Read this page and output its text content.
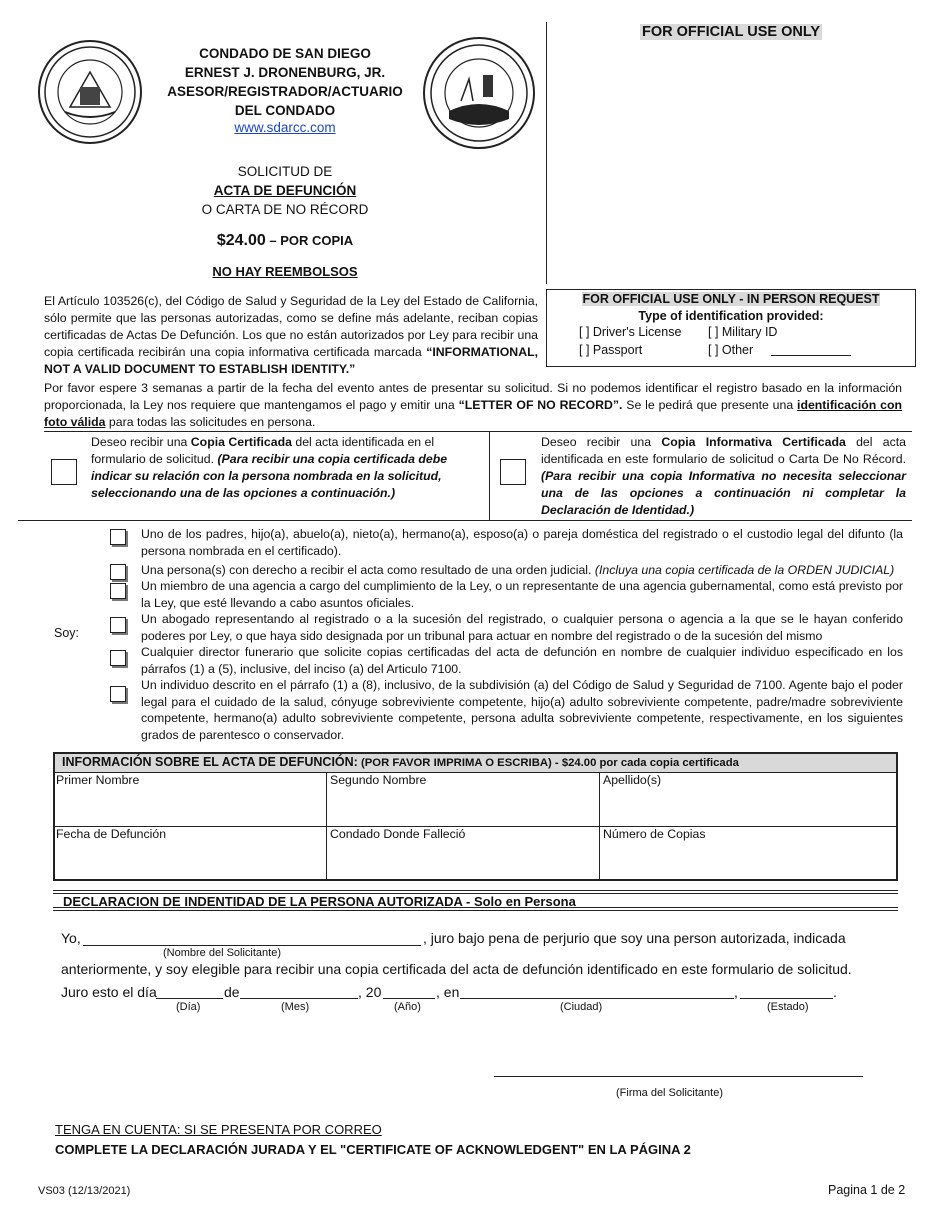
CONDADO DE SAN DIEGO
ERNEST J. DRONENBURG, JR.
ASESOR/REGISTRADOR/ACTUARIO
DEL CONDADO
www.sdarcc.com
SOLICITUD DE
ACTA DE DEFUNCIÓN
O CARTA DE NO RÉCORD
$24.00 – POR COPIA
NO HAY REEMBOLSOS
FOR OFFICIAL USE ONLY
FOR OFFICIAL USE ONLY - IN PERSON REQUEST
Type of identification provided:
[ ] Driver's License [ ] Military ID
[ ] Passport	[ ] Other
El Artículo 103526(c), del Código de Salud y Seguridad de la Ley del Estado de California, sólo permite que las personas autorizadas, como se define más adelante, reciban copias certificadas de Actas De Defunción. Los que no están autorizados por Ley para recibir una copia certificada recibirán una copia informativa certificada marcada “INFORMATIONAL, NOT A VALID DOCUMENT TO ESTABLISH IDENTITY.”
Por favor espere 3 semanas a partir de la fecha del evento antes de presentar su solicitud. Si no podemos identificar el registro basado en la información proporcionada, la Ley nos requiere que mantengamos el pago y emitir una “LETTER OF NO RECORD”. Se le pedirá que presente una identificación con foto válida para todas las solicitudes en persona.
Deseo recibir una Copia Certificada del acta identificada en el formulario de solicitud. (Para recibir una copia certificada debe indicar su relación con la persona nombrada en la solicitud, seleccionando una de las opciones a continuación.)
Deseo recibir una Copia Informativa Certificada del acta identificada en este formulario de solicitud o Carta De No Récord. (Para recibir una copia Informativa no necesita seleccionar una de las opciones a continuación ni completar la Declaración de Identidad.)
Soy:
Uno de los padres, hijo(a), abuelo(a), nieto(a), hermano(a), esposo(a) o pareja doméstica del registrado o el custodio legal del difunto (la persona nombrada en el certificado).
Una persona(s) con derecho a recibir el acta como resultado de una orden judicial. (Incluya una copia certificada de la ORDEN JUDICIAL)
Un miembro de una agencia a cargo del cumplimiento de la Ley, o un representante de una agencia gubernamental, como está previsto por la Ley, que esté llevando a cabo asuntos oficiales.
Un abogado representando al registrado o a la sucesión del registrado, o cualquier persona o agencia a la que se le hayan conferido poderes por Ley, o que haya sido designada por un tribunal para actuar en nombre del registrado o de la sucesión del mismo
Cualquier director funerario que solicite copias certificadas del acta de defunción en nombre de cualquier individuo especificado en los párrafos (1) a (5), inclusive, del inciso (a) del Articulo 7100.
Un individuo descrito en el párrafo (1) a (8), inclusivo, de la subdivisión (a) del Código de Salud y Seguridad de 7100. Agente bajo el poder legal para el cuidado de la salud, cónyuge sobreviviente competente, hijo(a) adulto sobreviviente competente, padre/madre sobreviviente competente, hermano(a) adulto sobreviviente competente, persona adulta sobreviviente competente, respectivamente, en los siguientes grados de parentesco o conservador.
INFORMACIÓN SOBRE EL ACTA DE DEFUNCIÓN: (POR FAVOR IMPRIMA O ESCRIBA) - $24.00 por cada copia certificada
Primer Nombre	Segundo Nombre	Apellido(s)
Fecha de Defunción	Condado Donde Falleció	Número de Copias
DECLARACION DE INDENTIDAD DE LA PERSONA AUTORIZADA - Solo en Persona
Yo,	, juro bajo pena de perjurio que soy una person autorizada, indicada
(Nombre del Solicitante)
anteriormente, y soy elegible para recibir una copia certificada del acta de defunción identificado en este formulario de solicitud.
Juro esto el día	de	, 20	, en	,	.
(Día)	(Mes)	(Año)	(Ciudad)	(Estado)
(Firma del Solicitante)
TENGA EN CUENTA: SI SE PRESENTA POR CORREO
COMPLETE LA DECLARACIÓN JURADA Y EL "CERTIFICATE OF ACKNOWLEDGENT" EN LA PÁGINA 2
VS03 (12/13/2021)	Pagina 1 de 2
